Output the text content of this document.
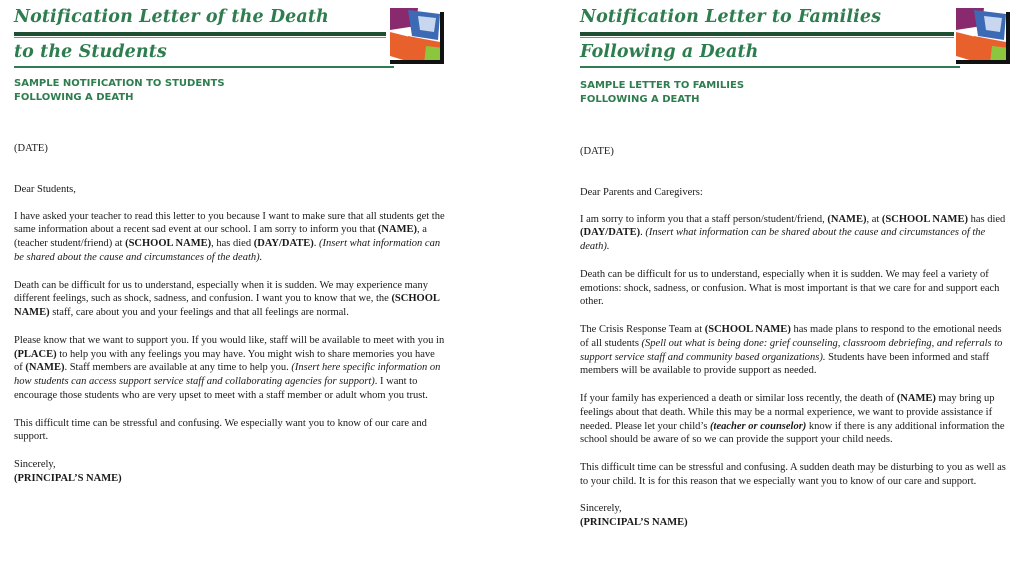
Notification Letter of the Death
to the Students
SAMPLE NOTIFICATION TO STUDENTS
FOLLOWING A DEATH

(DATE)

Dear Students,

I have asked your teacher to read this letter to you because I want to make sure that all students get the same information about a recent sad event at our school. I am sorry to inform you that (NAME), a (teacher student/friend) at (SCHOOL NAME), has died (DAY/DATE). (Insert what information can be shared about the cause and circumstances of the death).

Death can be difficult for us to understand, especially when it is sudden. We may experience many different feelings, such as shock, sadness, and confusion. I want you to know that we, the (SCHOOL NAME) staff, care about you and your feelings and that all feelings are normal.

Please know that we want to support you. If you would like, staff will be available to meet with you in (PLACE) to help you with any feelings you may have. You might wish to share memories you have of (NAME). Staff members are available at any time to help you. (Insert here specific information on how students can access support service staff and collaborating agencies for support). I want to encourage those students who are very upset to meet with a staff member or adult whom you trust.

This difficult time can be stressful and confusing. We especially want you to know of our care and support.

Sincerely,
(PRINCIPAL’S NAME)
Notification Letter to Families
Following a Death
SAMPLE LETTER TO FAMILIES
FOLLOWING A DEATH

(DATE)

Dear Parents and Caregivers:

I am sorry to inform you that a staff person/student/friend, (NAME), at (SCHOOL NAME) has died (DAY/DATE). (Insert what information can be shared about the cause and circumstances of the death).

Death can be difficult for us to understand, especially when it is sudden. We may feel a variety of emotions: shock, sadness, or confusion. What is most important is that we care for and support each other.

The Crisis Response Team at (SCHOOL NAME) has made plans to respond to the emotional needs of all students (Spell out what is being done: grief counseling, classroom debriefing, and referrals to support service staff and community based organizations). Students have been informed and staff members will be available to provide support as needed.

If your family has experienced a death or similar loss recently, the death of (NAME) may bring up feelings about that death. While this may be a normal experience, we want to provide assistance if needed. Please let your child’s (teacher or counselor) know if there is any additional information the school should be aware of so we can provide the support your child needs.

This difficult time can be stressful and confusing. A sudden death may be disturbing to you as well as to your child. It is for this reason that we especially want you to know of our care and support.

Sincerely,
(PRINCIPAL’S NAME)
